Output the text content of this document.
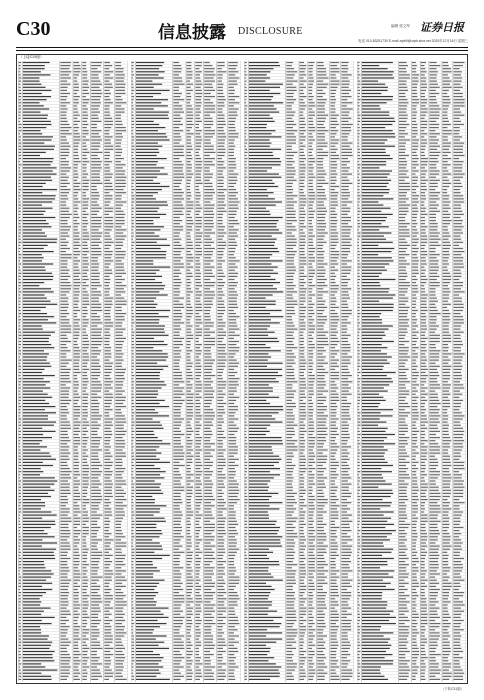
C30	信息披露 DISCLOSURE	编辑 张文军 证券日报
电话 010-83251730 E-mail zqrb9@zqrb.sina.net 2020年12月16日 星期三
（上接C29版）
（下转C31版）
